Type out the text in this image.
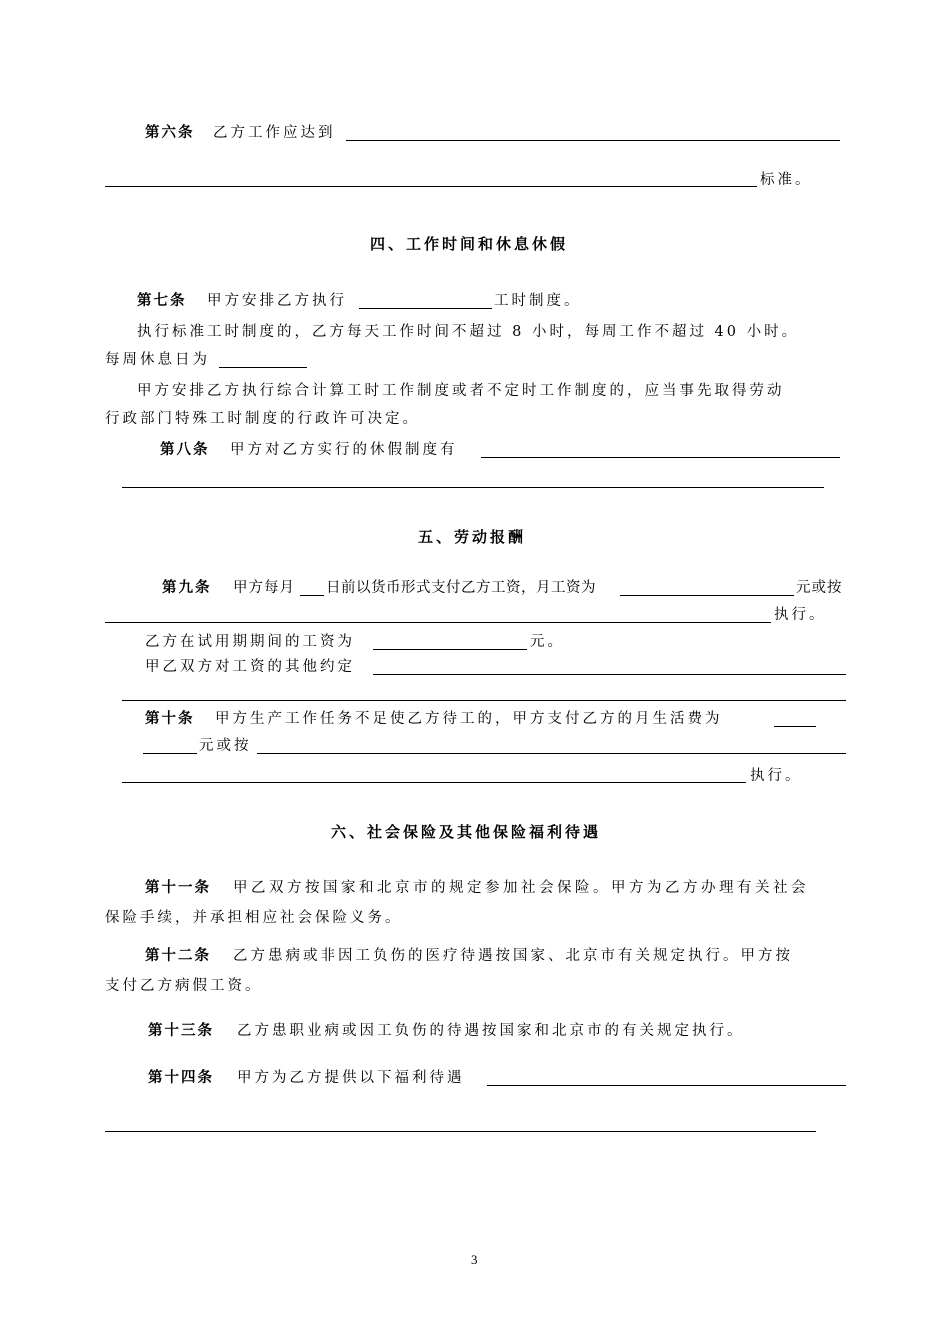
第六条 乙方工作应达到
标准。
四、工作时间和休息休假
第七条 甲方安排乙方执行	工时制度。
执行标准工时制度的，乙方每天工作时间不超过 8 小时，每周工作不超过 40 小时。
每周休息日为
甲方安排乙方执行综合计算工时工作制度或者不定时工作制度的，应当事先取得劳动
行政部门特殊工时制度的行政许可决定。
第八条 甲方对乙方实行的休假制度有
五、劳动报酬
第九条 甲方每月 日前以货币形式支付乙方工资，月工资为	元或按
执行。
乙方在试用期期间的工资为	元。
甲乙双方对工资的其他约定
第十条 甲方生产工作任务不足使乙方待工的，甲方支付乙方的月生活费为
元或按
执行。
六、社会保险及其他保险福利待遇
第十一条 甲乙双方按国家和北京市的规定参加社会保险。甲方为乙方办理有关社会
保险手续，并承担相应社会保险义务。
第十二条 乙方患病或非因工负伤的医疗待遇按国家、北京市有关规定执行。甲方按
支付乙方病假工资。
第十三条 乙方患职业病或因工负伤的待遇按国家和北京市的有关规定执行。
第十四条 甲方为乙方提供以下福利待遇
3
